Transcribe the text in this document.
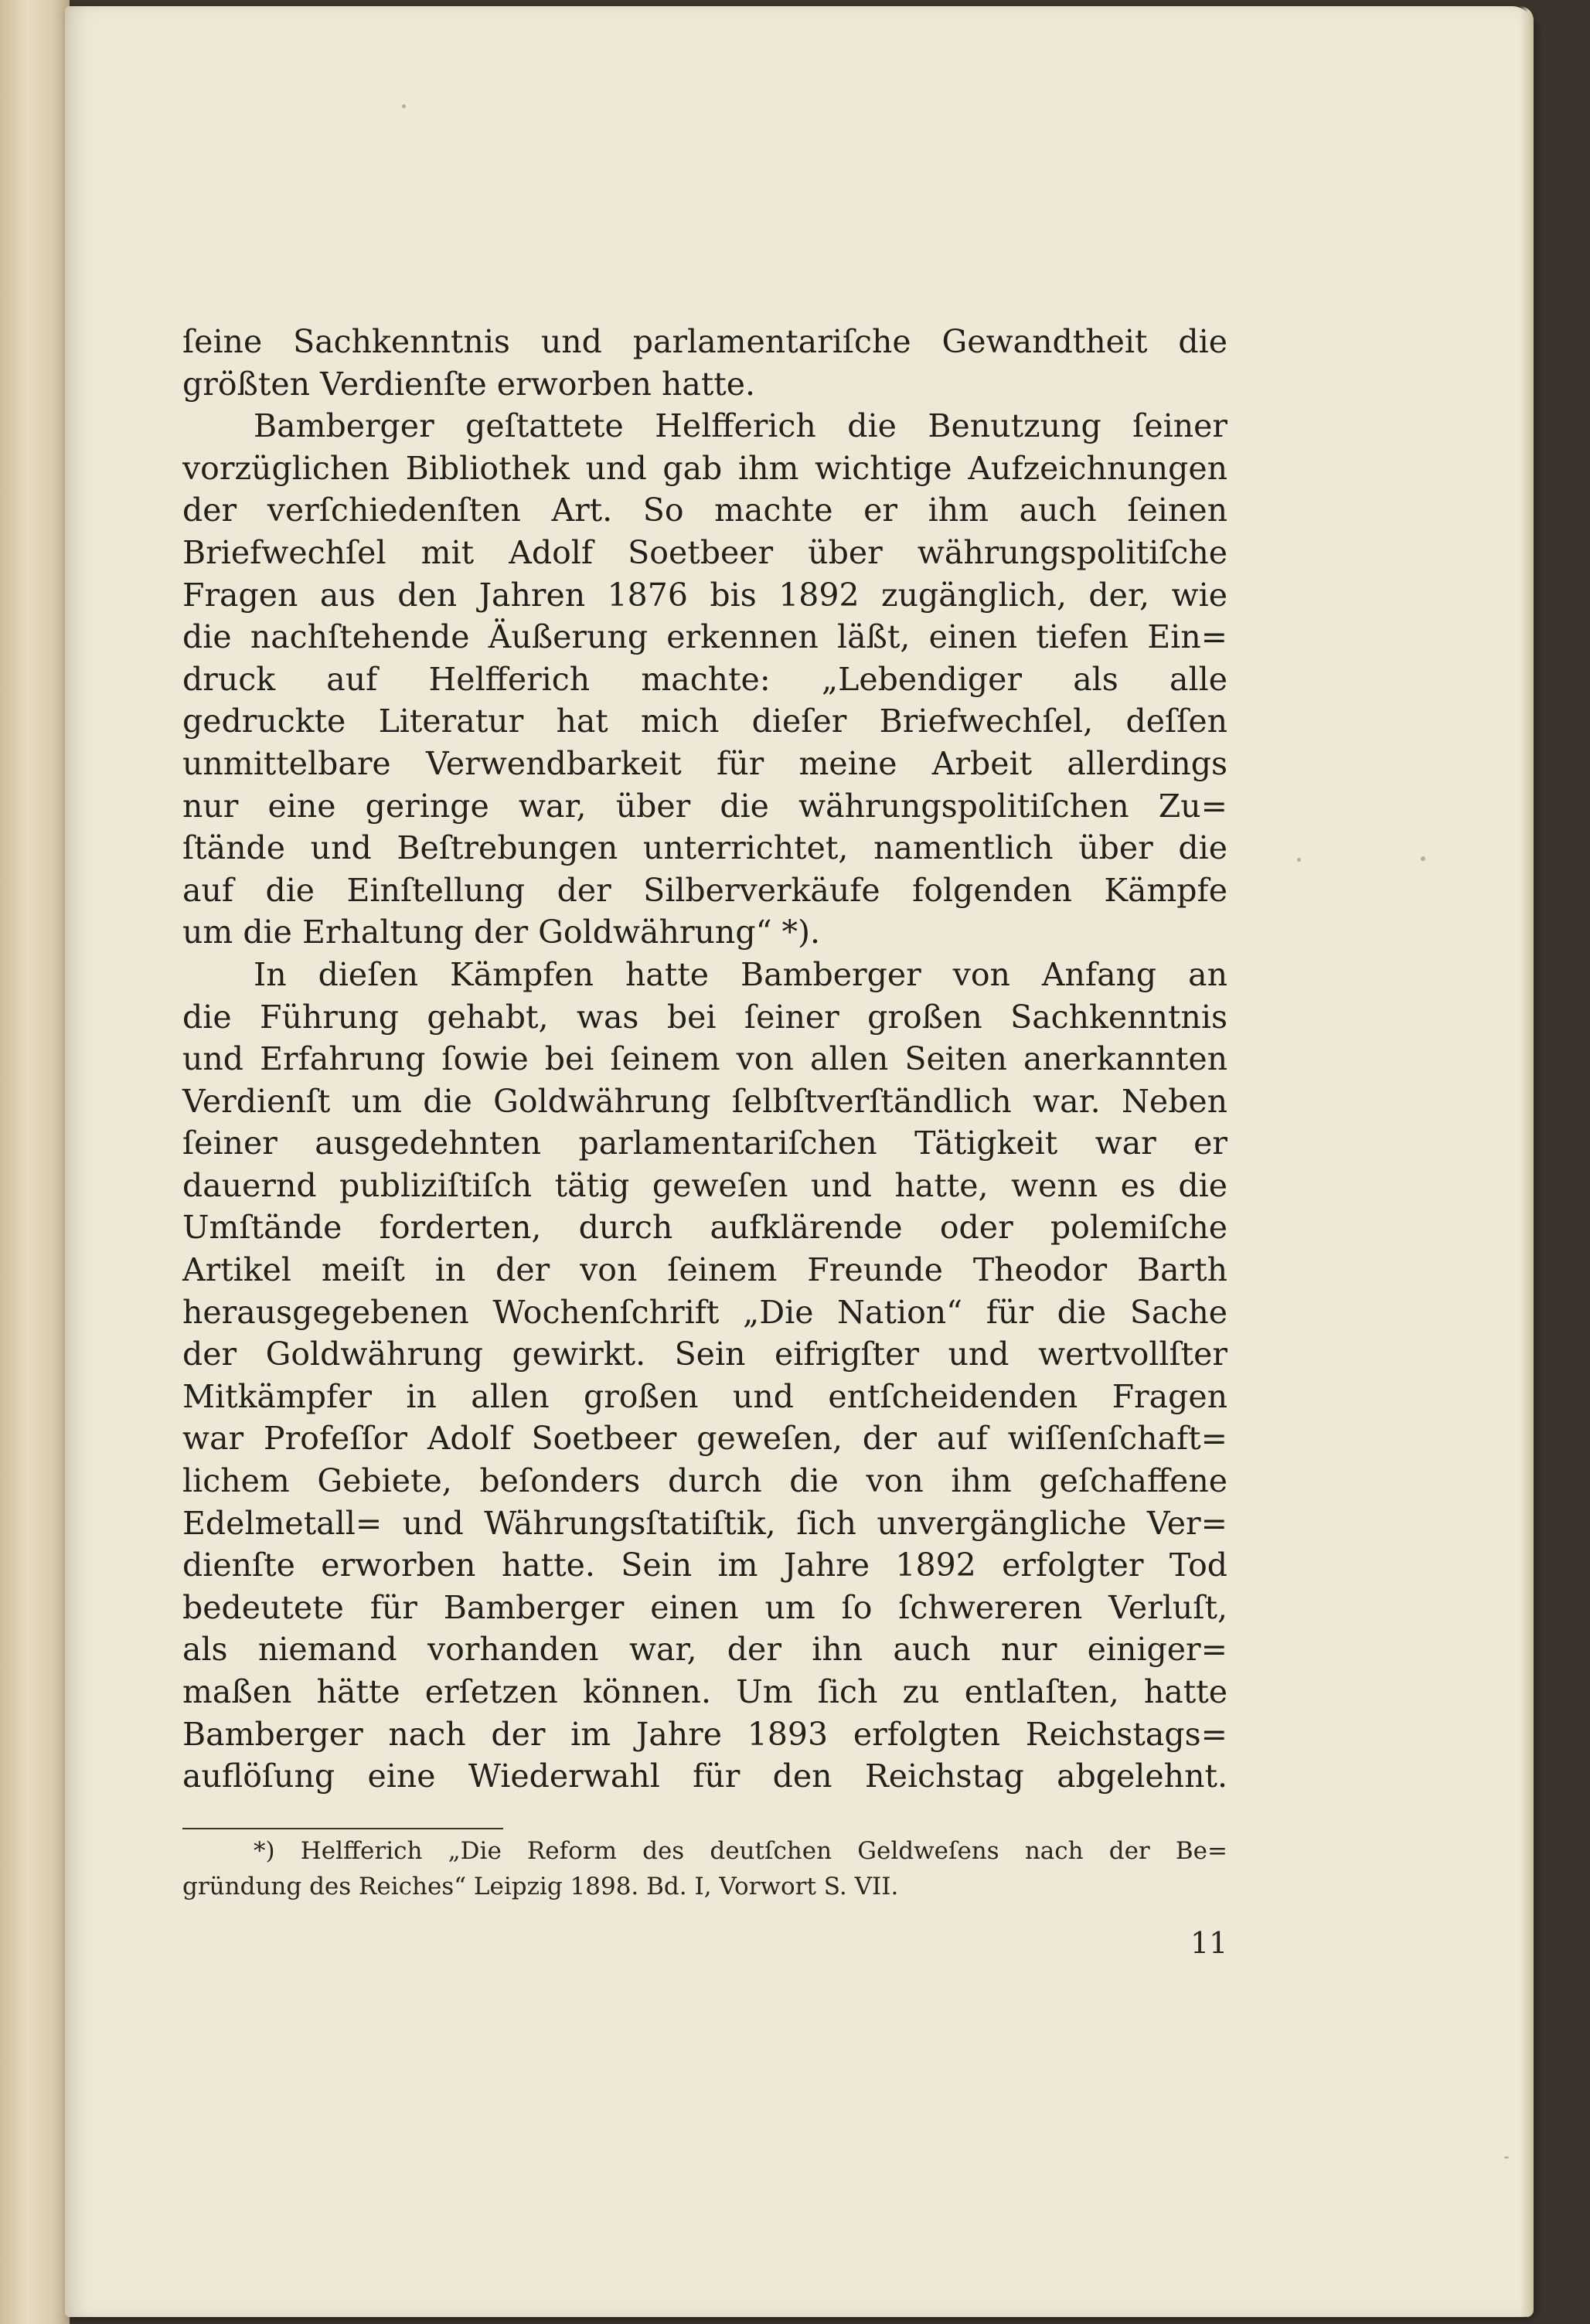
ſeine Sachkenntnis und parlamentariſche Gewandtheit die
größten Verdienſte erworben hatte.
Bamberger geſtattete Helfferich die Benutzung ſeiner
vorzüglichen Bibliothek und gab ihm wichtige Aufzeichnungen
der verſchiedenſten Art. So machte er ihm auch ſeinen
Briefwechſel mit Adolf Soetbeer über währungspolitiſche
Fragen aus den Jahren 1876 bis 1892 zugänglich, der, wie
die nachſtehende Äußerung erkennen läßt, einen tiefen Ein=
druck auf Helfferich machte: „Lebendiger als alle
gedruckte Literatur hat mich dieſer Briefwechſel, deſſen
unmittelbare Verwendbarkeit für meine Arbeit allerdings
nur eine geringe war, über die währungspolitiſchen Zu=
ſtände und Beſtrebungen unterrichtet, namentlich über die
auf die Einſtellung der Silberverkäufe folgenden Kämpfe
um die Erhaltung der Goldwährung“ *).
In dieſen Kämpfen hatte Bamberger von Anfang an
die Führung gehabt, was bei ſeiner großen Sachkenntnis
und Erfahrung ſowie bei ſeinem von allen Seiten anerkannten
Verdienſt um die Goldwährung ſelbſtverſtändlich war. Neben
ſeiner ausgedehnten parlamentariſchen Tätigkeit war er
dauernd publiziſtiſch tätig geweſen und hatte, wenn es die
Umſtände forderten, durch aufklärende oder polemiſche
Artikel meiſt in der von ſeinem Freunde Theodor Barth
herausgegebenen Wochenſchrift „Die Nation“ für die Sache
der Goldwährung gewirkt. Sein eifrigſter und wertvollſter
Mitkämpfer in allen großen und entſcheidenden Fragen
war Profeſſor Adolf Soetbeer geweſen, der auf wiſſenſchaft=
lichem Gebiete, beſonders durch die von ihm geſchaffene
Edelmetall= und Währungsſtatiſtik, ſich unvergängliche Ver=
dienſte erworben hatte. Sein im Jahre 1892 erfolgter Tod
bedeutete für Bamberger einen um ſo ſchwereren Verluſt,
als niemand vorhanden war, der ihn auch nur einiger=
maßen hätte erſetzen können. Um ſich zu entlaſten, hatte
Bamberger nach der im Jahre 1893 erfolgten Reichstags=
auflöſung eine Wiederwahl für den Reichstag abgelehnt.
*) Helfferich „Die Reform des deutſchen Geldweſens nach der Be=
gründung des Reiches“ Leipzig 1898. Bd. I, Vorwort S. VII.
11
